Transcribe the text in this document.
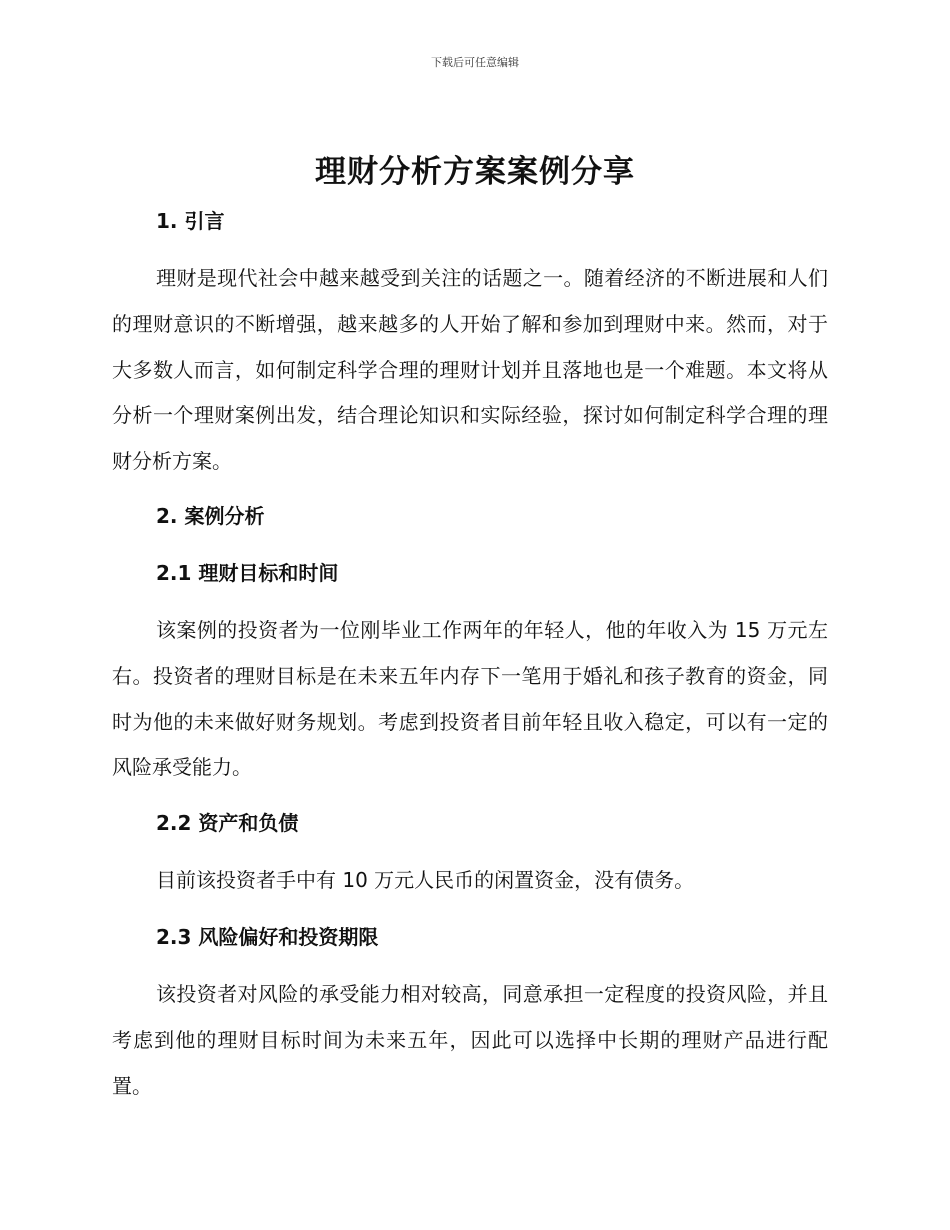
下载后可任意编辑
理财分析方案案例分享
1. 引言

理财是现代社会中越来越受到关注的话题之一。随着经济的不断进展和人们的理财意识的不断增强，越来越多的人开始了解和参加到理财中来。然而，对于大多数人而言，如何制定科学合理的理财计划并且落地也是一个难题。本文将从分析一个理财案例出发，结合理论知识和实际经验，探讨如何制定科学合理的理财分析方案。

2. 案例分析
2.1 理财目标和时间

该案例的投资者为一位刚毕业工作两年的年轻人，他的年收入为 15 万元左右。投资者的理财目标是在未来五年内存下一笔用于婚礼和孩子教育的资金，同时为他的未来做好财务规划。考虑到投资者目前年轻且收入稳定，可以有一定的风险承受能力。

2.2 资产和负债

目前该投资者手中有 10 万元人民币的闲置资金，没有债务。

2.3 风险偏好和投资期限

该投资者对风险的承受能力相对较高，同意承担一定程度的投资风险，并且考虑到他的理财目标时间为未来五年，因此可以选择中长期的理财产品进行配置。
